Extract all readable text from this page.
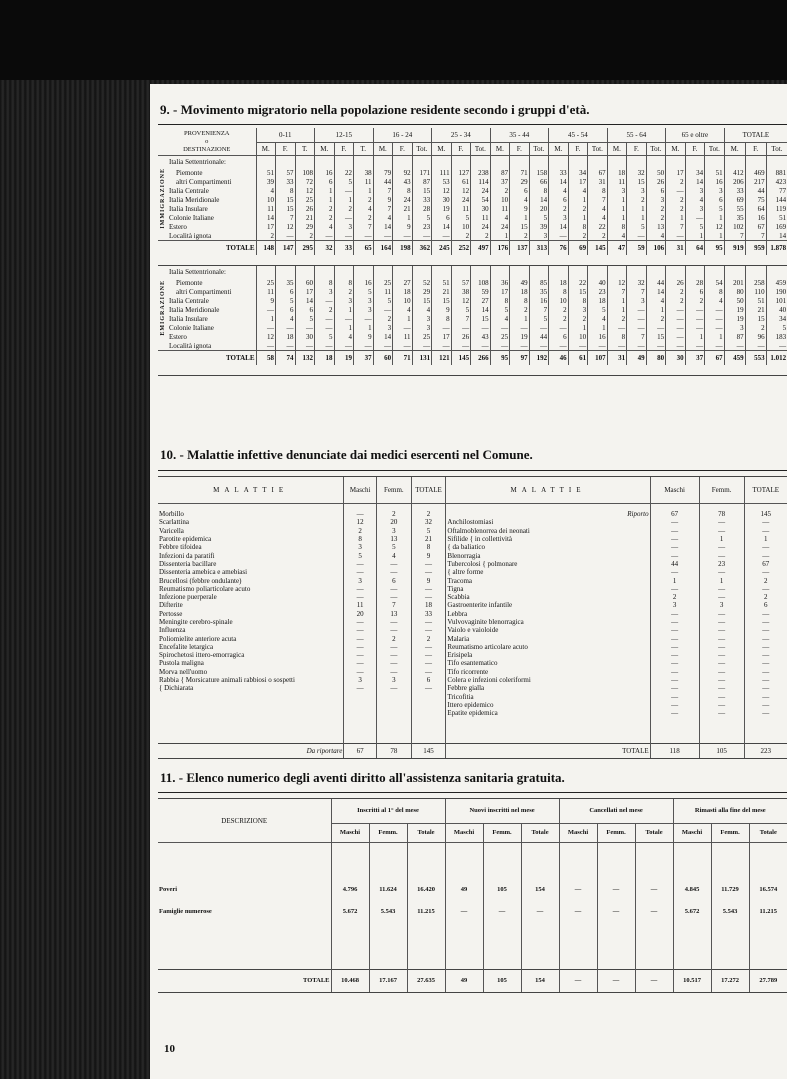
9. - Movimento migratorio nella popolazione residente secondo i gruppi d'età.
PROVENIENZA
o
DESTINAZIONE		0-11			12-15			16 - 24			25 - 34			35 - 44			45 - 54			55 - 64			65 e oltre			TOTALE		
		M.	F.	T.	M.	F.	T.	M.	F.	Tot.	M.	F.	Tot.	M.	F.	Tot.	M.	F.	Tot.	M.	F.	Tot.	M.	F.	Tot.	M.	F.	Tot.

IMMIGRAZIONE	Italia Settentrionale:																											
	Piemonte	51	57	108	16	22	38	79	92	171	111	127	238	87	71	158	33	34	67	18	32	50	17	34	51	412	469	881
	altri Compartimenti	39	33	72	6	5	11	44	43	87	53	61	114	37	29	66	14	17	31	11	15	26	2	14	16	206	217	423
	Italia Centrale	4	8	12	1	—	1	7	8	15	12	12	24	2	6	8	4	4	8	3	3	6	—	3	3	33	44	77
	Italia Meridionale	10	15	25	1	1	2	9	24	33	30	24	54	10	4	14	6	1	7	1	2	3	2	4	6	69	75	144
	Italia Insulare	11	15	26	2	2	4	7	21	28	19	11	30	11	9	20	2	2	4	1	1	2	2	3	5	55	64	119
	Colonie Italiane	14	7	21	2	—	2	4	1	5	6	5	11	4	1	5	3	1	4	1	1	2	1	—	1	35	16	51
	Estero	17	12	29	4	3	7	14	9	23	14	10	24	24	15	39	14	8	22	8	5	13	7	5	12	102	67	169
	Località ignota	2	—	2	—	—	—	—	—	—	—	2	2	1	2	3	—	2	2	4	—	4	—	1	1	7	7	14
	TOTALE	148	147	295	32	33	65	164	198	362	245	252	497	176	137	313	76	69	145	47	59	106	31	64	95	919	959	1.878

EMIGRAZIONE	Italia Settentrionale:																											
	Piemonte	25	35	60	8	8	16	25	27	52	51	57	108	36	49	85	18	22	40	12	32	44	26	28	54	201	258	459
	altri Compartimenti	11	6	17	3	2	5	11	18	29	21	38	59	17	18	35	8	15	23	7	7	14	2	6	8	80	110	190
	Italia Centrale	9	5	14	—	3	3	5	10	15	15	12	27	8	8	16	10	8	18	1	3	4	2	2	4	50	51	101
	Italia Meridionale	—	6	6	2	1	3	—	4	4	9	5	14	5	2	7	2	3	5	1	—	1	—	—	—	19	21	40
	Italia Insulare	1	4	5	—	—	—	2	1	3	8	7	15	4	1	5	2	2	4	2	—	2	—	—	—	19	15	34
	Colonie Italiane	—	—	—	—	1	1	3	—	3	—	—	—	—	—	—	—	1	1	—	—	—	—	—	—	3	2	5
	Estero	12	18	30	5	4	9	14	11	25	17	26	43	25	19	44	6	10	16	8	7	15	—	1	1	87	96	183
	Località ignota	—	—	—	—	—	—	—	—	—	—	—	—	—	—	—	—	—	—	—	—	—	—	—	—	—	—	—
	TOTALE	58	74	132	18	19	37	60	71	131	121	145	266	95	97	192	46	61	107	31	49	80	30	37	67	459	553	1.012

10. - Malattie infettive denunciate dai medici esercenti nel Comune.
MALATTIE	Maschi	Femm.	TOTALE	MALATTIE	Maschi	Femm.	TOTALE

Morbillo	—	2	2	Riporto	67	78	145
Scarlattina	12	20	32	Anchilostomiasi	—	—	—
Varicella	2	3	5	Oftalmoblenorrea dei neonati	—	—	—
Parotite epidemica	8	13	21	Sifilide { in collettività	—	1	1
Febbre tifoidea	3	5	8	{ da baliatico	—	—	—
Infezioni da paratifi	5	4	9	Blenorragia	—	—	—
Dissenteria bacillare	—	—	—	Tubercolosi { polmonare	44	23	67
Dissenteria amebica e amebiasi	—	—	—	{ altre forme	—	—	—
Brucellosi (febbre ondulante)	3	6	9	Tracoma	1	1	2
Reumatismo poliarticolare acuto	—	—	—	Tigna	—	—	—
Infezione puerperale	—	—	—	Scabbia	2	—	2
Difterite	11	7	18	Gastroenterite infantile	3	3	6
Pertosse	20	13	33	Lebbra	—	—	—
Meningite cerebro-spinale	—	—	—	Vulvovaginite blenorragica	—	—	—
Influenza	—	—	—	Vaiolo e vaioloide	—	—	—
Poliomielite anteriore acuta	—	2	2	Malaria	—	—	—
Encefalite letargica	—	—	—	Reumatismo articolare acuto	—	—	—
Spirochetosi ittero-emorragica	—	—	—	Erisipela	—	—	—
Pustola maligna	—	—	—	Tifo esantematico	—	—	—
Morva nell'uomo	—	—	—	Tifo ricorrente	—	—	—
Rabbia { Morsicature animali rabbiosi o sospetti	3	3	6	Colera e infezioni coleriformi	—	—	—
{ Dichiarata	—	—	—	Febbre gialla	—	—	—
				Tricofitia	—	—	—
				Ittero epidemico	—	—	—
				Epatite epidemica	—	—	—

Da riportare	67	78	145	TOTALE	118	105	223
11. - Elenco numerico degli aventi diritto all'assistenza sanitaria gratuita.
DESCRIZIONE	Inscritti al 1° del mese			Nuovi inscritti nel mese			Cancellati nel mese			Rimasti alla fine del mese		
	Maschi	Femm.	Totale	Maschi	Femm.	Totale	Maschi	Femm.	Totale	Maschi	Femm.	Totale

Poveri	4.796	11.624	16.420	49	105	154	—	—	—	4.845	11.729	16.574
Famiglie numerose	5.672	5.543	11.215	—	—	—	—	—	—	5.672	5.543	11.215

TOTALE	10.468	17.167	27.635	49	105	154	—	—	—	10.517	17.272	27.789
10
